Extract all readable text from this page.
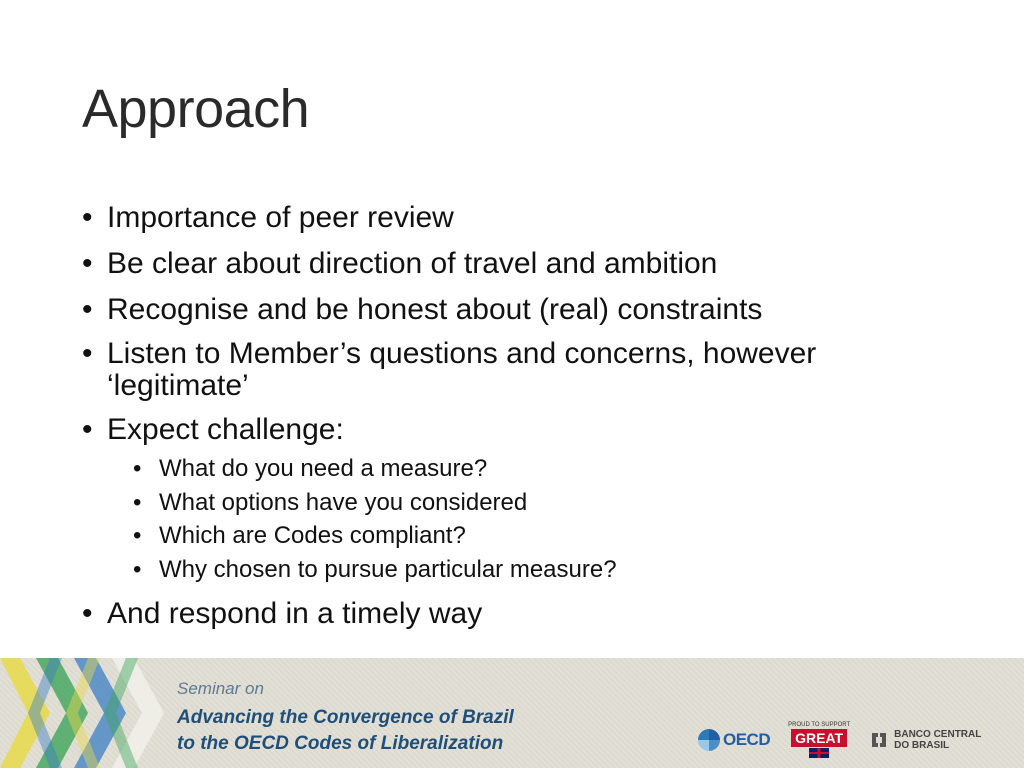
Approach
• Importance of peer review
• Be clear about direction of travel and ambition
• Recognise and be honest about (real) constraints
• Listen to Member’s questions and concerns, however ‘legitimate’
• Expect challenge:
• What do you need a measure?
• What options have you considered
• Which are Codes compliant?
• Why chosen to pursue particular measure?
• And respond in a timely way
Seminar on
Advancing the Convergence of Brazil
to the OECD Codes of Liberalization	OECD
PROUD TO SUPPORT
GREAT	BANCO CENTRAL
DO BRASIL
